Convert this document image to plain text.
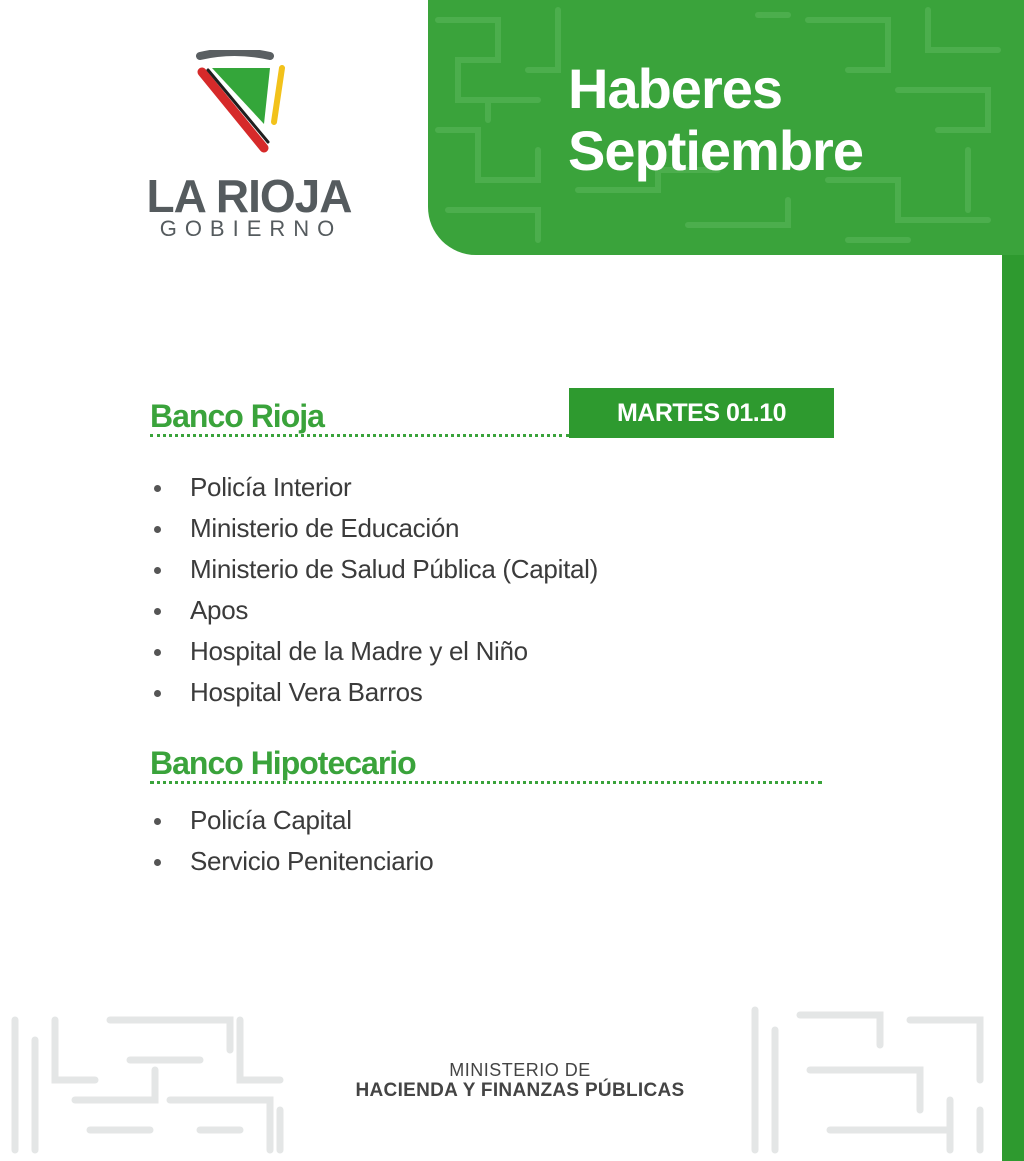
LA RIOJA
GOBIERNO
Haberes
Septiembre
MARTES 01.10
Banco Rioja
Policía Interior
Ministerio de Educación
Ministerio de Salud Pública (Capital)
Apos
Hospital de la Madre y el Niño
Hospital Vera Barros
Banco Hipotecario
Policía Capital
Servicio Penitenciario
MINISTERIO DE
HACIENDA Y FINANZAS PÚBLICAS
